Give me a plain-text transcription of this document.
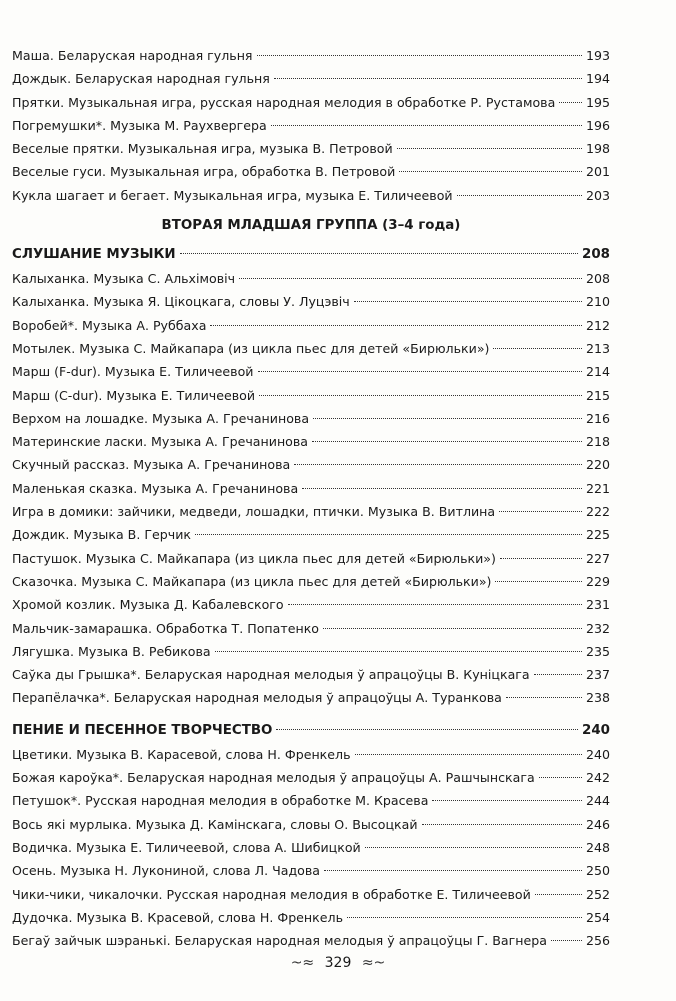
Маша. Беларуская народная гульня	193
Дождык. Беларуская народная гульня	194
Прятки. Музыкальная игра, русская народная мелодия в обработке Р. Рустамова 195
Погремушки*. Музыка М. Раухвергера	196
Веселые прятки. Музыкальная игра, музыка В. Петровой	198
Веселые гуси. Музыкальная игра, обработка В. Петровой	201
Кукла шагает и бегает. Музыкальная игра, музыка Е. Тиличеевой	203
ВТОРАЯ МЛАДШАЯ ГРУППА (3–4 года)
СЛУШАНИЕ МУЗЫКИ	208
Калыханка. Музыка С. Альхімовіч	208
Калыханка. Музыка Я. Цікоцкага, словы У. Луцэвіч	210
Воробей*. Музыка А. Руббаха	212
Мотылек. Музыка С. Майкапара (из цикла пьес для детей «Бирюльки»)	213
Марш (F-dur). Музыка Е. Тиличеевой	214
Марш (C-dur). Музыка Е. Тиличеевой	215
Верхом на лошадке. Музыка А. Гречанинова	216
Материнские ласки. Музыка А. Гречанинова	218
Скучный рассказ. Музыка А. Гречанинова	220
Маленькая сказка. Музыка А. Гречанинова	221
Игра в домики: зайчики, медведи, лошадки, птички. Музыка В. Витлина	222
Дождик. Музыка В. Герчик	225
Пастушок. Музыка С. Майкапара (из цикла пьес для детей «Бирюльки»)	227
Сказочка. Музыка С. Майкапара (из цикла пьес для детей «Бирюльки»)	229
Хромой козлик. Музыка Д. Кабалевского	231
Мальчик-замарашка. Обработка Т. Попатенко	232
Лягушка. Музыка В. Ребикова	235
Саўка ды Грышка*. Беларуская народная мелодыя ў апрацоўцы В. Куніцкага	237
Перапёлачка*. Беларуская народная мелодыя ў апрацоўцы А. Туранкова	238
ПЕНИЕ И ПЕСЕННОЕ ТВОРЧЕСТВО	240
Цветики. Музыка В. Карасевой, слова Н. Френкель	240
Божая кароўка*. Беларуская народная мелодыя ў апрацоўцы А. Рашчынскага	242
Петушок*. Русская народная мелодия в обработке М. Красева	244
Вось які мурлыка. Музыка Д. Камінскага, словы О. Высоцкай	246
Водичка. Музыка Е. Тиличеевой, слова А. Шибицкой	248
Осень. Музыка Н. Лукониной, слова Л. Чадова	250
Чики-чики, чикалочки. Русская народная мелодия в обработке Е. Тиличеевой	252
Дудочка. Музыка В. Красевой, слова Н. Френкель	254
Бегаў зайчык шэранькі. Беларуская народная мелодыя ў апрацоўцы Г. Вагнера	256
~≈ 329 ≈~
